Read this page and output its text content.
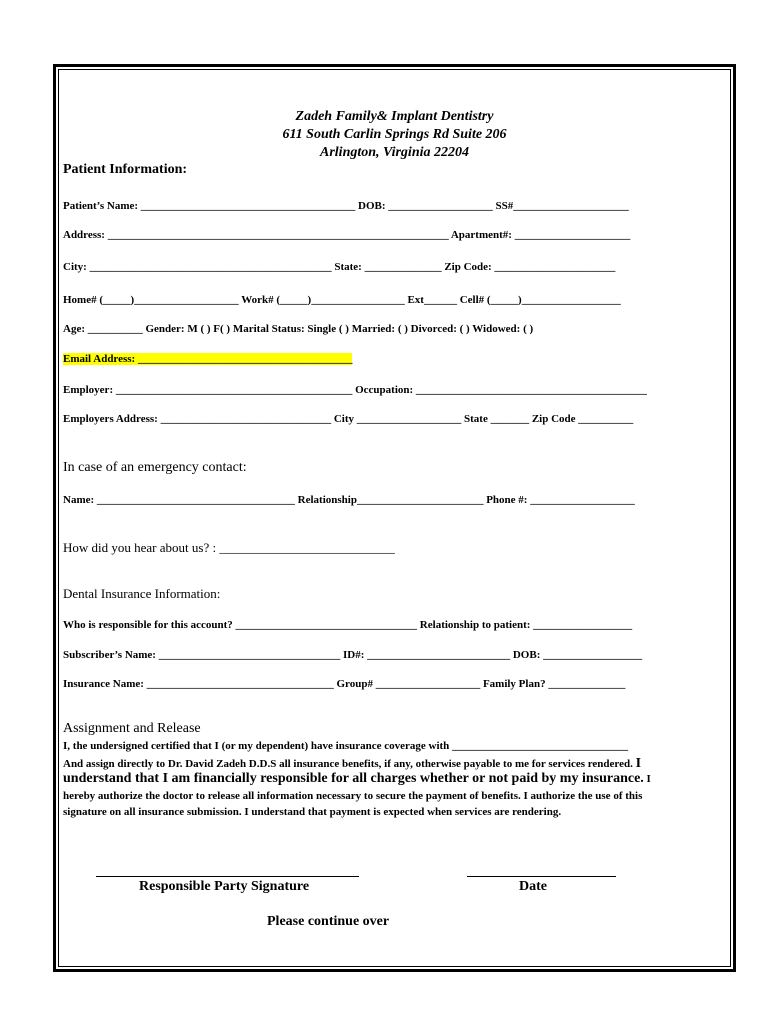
Zadeh Family& Implant Dentistry
611 South Carlin Springs Rd Suite 206
Arlington, Virginia 22204
Patient Information:
Patient’s Name: _______________________________________ DOB: ___________________ SS#_____________________
Address: ______________________________________________________________ Apartment#: _____________________
City: ____________________________________________ State: ______________ Zip Code: ______________________
Home# (_____)___________________ Work# (_____)_________________ Ext______ Cell# (_____)__________________
Age: __________ Gender: M ( ) F( ) Marital Status: Single ( ) Married: ( ) Divorced: ( ) Widowed: ( )
Email Address: _______________________________________
Employer: ___________________________________________ Occupation: __________________________________________
Employers Address: _______________________________ City ___________________ State _______ Zip Code __________
In case of an emergency contact:
Name: ____________________________________ Relationship_______________________ Phone #: ___________________
How did you hear about us? : ___________________________
Dental Insurance Information:
Who is responsible for this account? _________________________________ Relationship to patient: __________________
Subscriber’s Name: _________________________________ ID#: __________________________ DOB: __________________
Insurance Name: __________________________________ Group# ___________________ Family Plan? ______________
Assignment and Release
I, the undersigned certified that I (or my dependent) have insurance coverage with ________________________________
And assign directly to Dr. David Zadeh D.D.S all insurance benefits, if any, otherwise payable to me for services rendered. I
understand that I am financially responsible for all charges whether or not paid by my insurance. I
hereby authorize the doctor to release all information necessary to secure the payment of benefits. I authorize the use of this
signature on all insurance submission. I understand that payment is expected when services are rendering.
Responsible Party Signature	Date
Please continue over
